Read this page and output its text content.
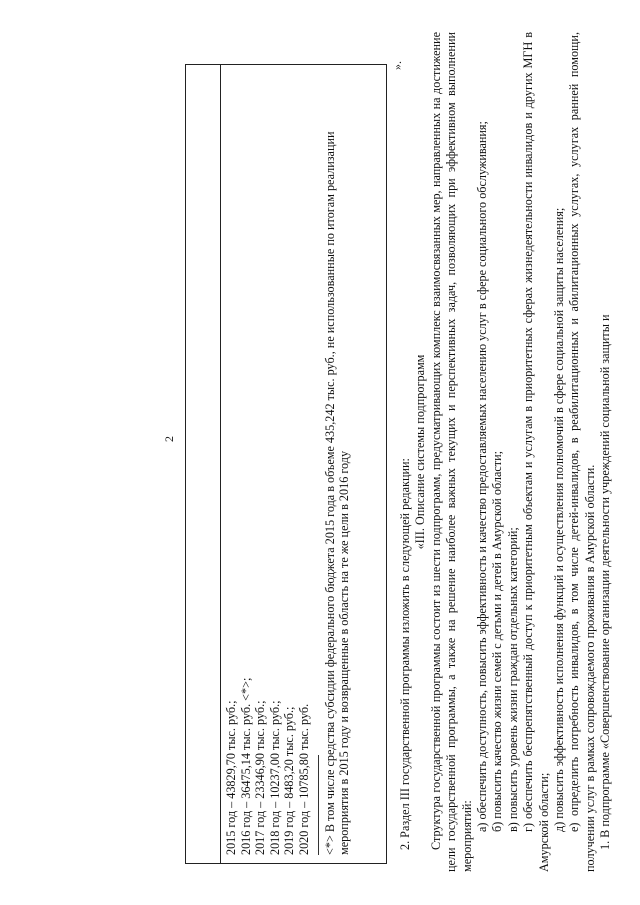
2
2015 год – 43829,70 тыс. руб.; 2016 год – 36475,14 тыс. руб. <*>; 2017 год – 23346,90 тыс. руб.; 2018 год – 10237,00 тыс. руб.; 2019 год – 8483,20 тыс. руб.; 2020 год – 10785,80 тыс. руб. <*> В том числе средства субсидии федерального бюджета 2015 года в объеме 435,242 тыс. руб., не использованные по итогам реализации мероприятия в 2015 году и возвращенные в область на те же цели в 2016 году
».

2. Раздел III государственной программы изложить в следующей редакции:

«III. Описание системы подпрограмм Структура государственной программы состоит из шести подпрограмм, предусматривающих комплекс взаимосвязанных мер, направленных на достижение цели государственной программы, а также на решение наиболее важных текущих и перспективных задач, позволяющих при эффективном выполнении мероприятий:

а) обеспечить доступность, повысить эффективность и качество предоставляемых населению услуг в сфере социального обслуживания; б) повысить качество жизни семей с детьми и детей в Амурской области; в) повысить уровень жизни граждан отдельных категорий; г) обеспечить беспрепятственный доступ к приоритетным объектам и услугам в приоритетных сферах жизнедеятельности инвалидов и других МГН в Амурской области; д) повысить эффективность исполнения функций и осуществления полномочий в сфере социальной защиты населения; е) определить потребность инвалидов, в том числе детей-инвалидов, в реабилитационных и абилитационных услугах, услугах ранней помощи, получении услуг в рамках сопровождаемого проживания в Амурской области. 1. В подпрограмме «Совершенствование организации деятельности учреждений социальной защиты и
